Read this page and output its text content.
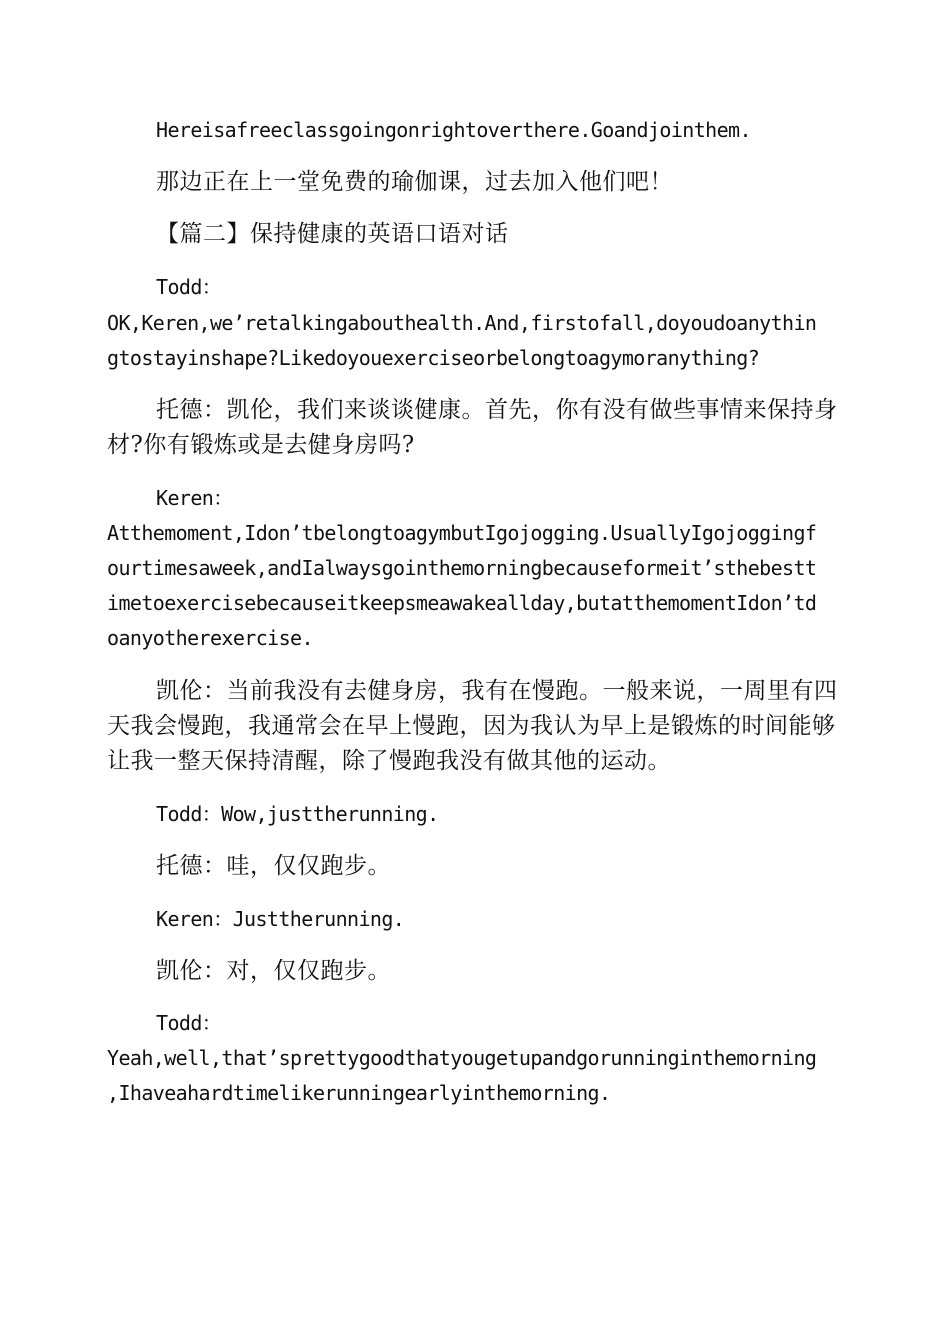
Hereisafreeclassgoingonrightoverthere.Goandjointhem.
那边正在上一堂免费的瑜伽课，过去加入他们吧！
【篇二】保持健康的英语口语对话
Todd：
OK,Keren,we’retalkingabouthealth.And,firstofall,doyoudoanythin
gtostayinshape?Likedoyouexerciseorbelongtoagymoranything?
托德：凯伦，我们来谈谈健康。首先，你有没有做些事情来保持身
材?你有锻炼或是去健身房吗?
Keren：
Atthemoment,Idon’tbelongtoagymbutIgojogging.UsuallyIgojoggingf
ourtimesaweek,andIalwaysgointhemorningbecauseformeit’sthebestt
imetoexercisebecauseitkeepsmeawakeallday,butatthemomentIdon’td
oanyotherexercise.
凯伦：当前我没有去健身房，我有在慢跑。一般来说，一周里有四
天我会慢跑，我通常会在早上慢跑，因为我认为早上是锻炼的时间能够
让我一整天保持清醒，除了慢跑我没有做其他的运动。
Todd：Wow,justtherunning.
托德：哇，仅仅跑步。
Keren：Justtherunning.
凯伦：对，仅仅跑步。
Todd：
Yeah,well,that’sprettygoodthatyougetupandgorunninginthemorning
,Ihaveahardtimelikerunningearlyinthemorning.
